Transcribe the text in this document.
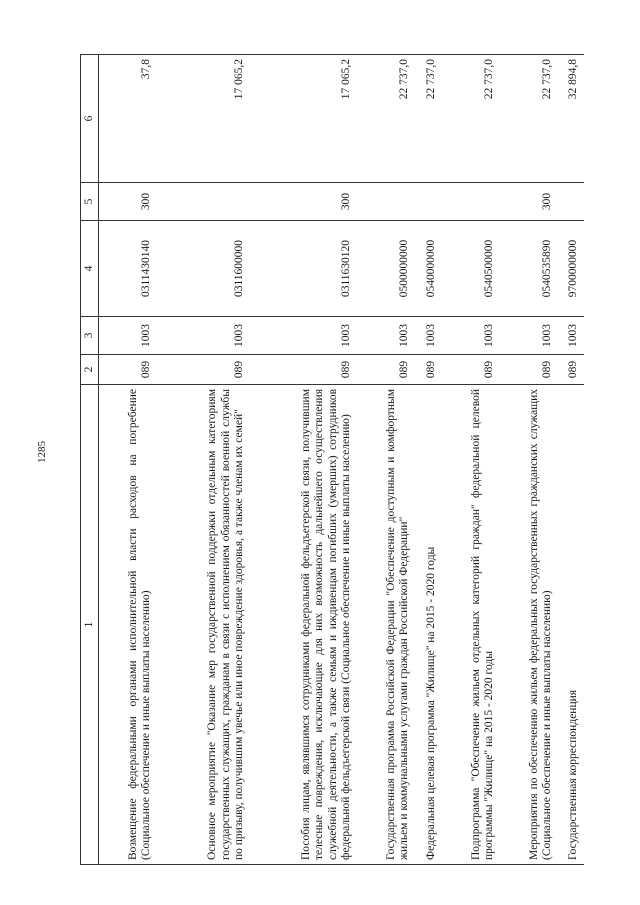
1285
1	2	3	4	5	6
Возмещение федеральными органами исполнительной власти расходов на погребение (Социальное обеспечение и иные выплаты населению)	089	1003	0311430140	300	37,8
Основное мероприятие "Оказание мер государственной поддержки отдельным категориям государственных служащих, гражданам в связи с исполнением обязанностей военной службы по призыву, получившим увечье или иное повреждение здоровья, а также членам их семей"	089	1003	0311600000		17 065,2
Пособия лицам, являвшимся сотрудниками федеральной фельдъегерской связи, получившим телесные повреждения, исключающие для них возможность дальнейшего осуществления служебной деятельности, а также семьям и иждивенцам погибших (умерших) сотрудников федеральной фельдъегерской связи (Социальное обеспечение и иные выплаты населению)	089	1003	0311630120	300	17 065,2
Государственная программа Российской Федерации "Обеспечение доступным и комфортным жильем и коммунальными услугами граждан Российской Федерации"	089	1003	0500000000		22 737,0
Федеральная целевая программа "Жилище" на 2015 - 2020 годы	089	1003	0540000000		22 737,0
Подпрограмма "Обеспечение жильем отдельных категорий граждан" федеральной целевой программы "Жилище" на 2015 - 2020 годы	089	1003	0540500000		22 737,0
Мероприятия по обеспечению жильем федеральных государственных гражданских служащих (Социальное обеспечение и иные выплаты населению)	089	1003	0540535890	300	22 737,0
Государственная корреспонденция	089	1003	9700000000		32 894,8
